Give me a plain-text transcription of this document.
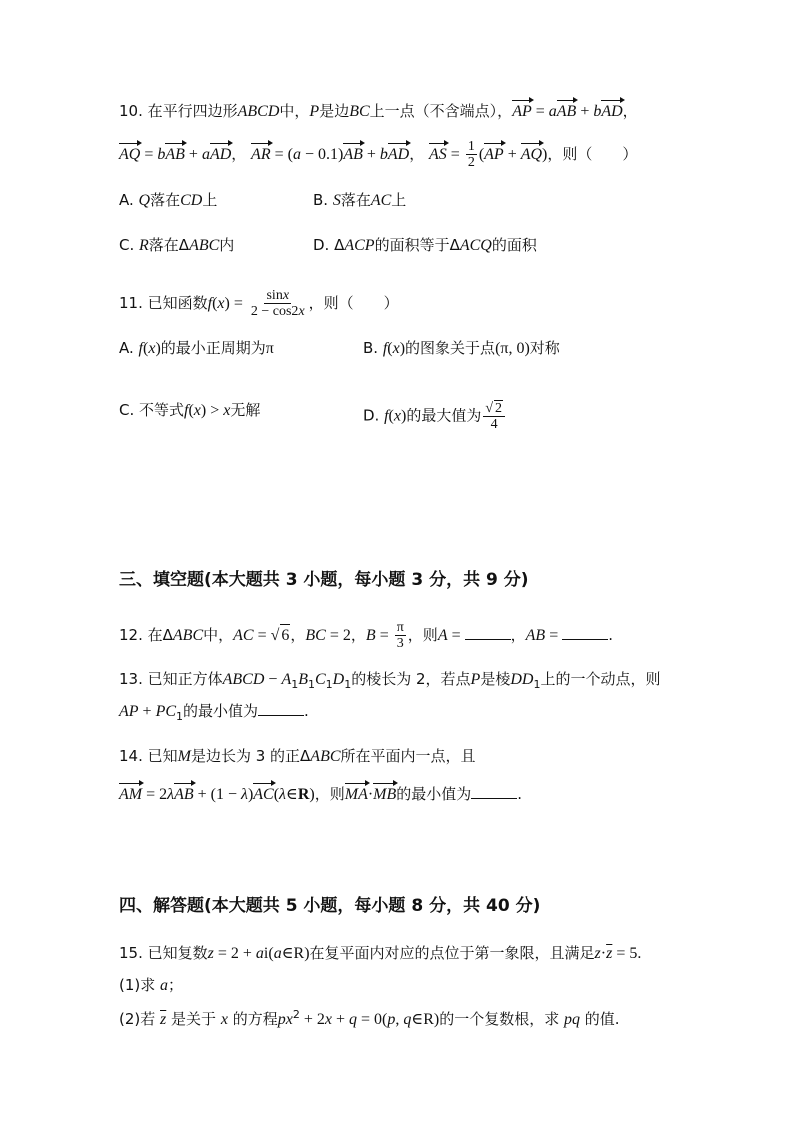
10. 在平行四边形ABCD中，P是边BC上一点（不含端点），AP = aAB + bAD，
AQ = bAB + aAD， AR = (a − 0.1)AB + bAD， AS = $\frac{1}{2} (AP + AQ)$，则（　　）
A. Q落在CD上	B. S落在AC上
C. R落在ΔABC内	D. ΔACP的面积等于ΔACQ的面积
11. 已知函数$f(x) = \frac{\sin x}{2 - \cos 2x}$ ，则（　　）
A. f(x)的最小正周期为π	B. f(x)的图象关于点(π, 0)对称
C. 不等式f(x) > x无解	D. f(x)的最大值为 $\frac{√ 2}{4}$
三、填空题(本大题共 3 小题，每小题 3 分，共 9 分)
12. 在ΔABC中，AC = √ 6，BC = 2，$B = \frac{\pi}{3}$ ，则A =	，AB =	.
13. 已知正方体ABCD − $A_1B_1C_1D_1$的棱长为 2，若点P是棱$DD_1$上的一个动点，则
AP + $PC_1$的最小值为	.
14. 已知M是边长为 3 的正ΔABC所在平面内一点，且
AM = 2λAB + (1 − λ)AC(λ∈R)，则MA·MB的最小值为	.
四、解答题(本大题共 5 小题，每小题 8 分，共 40 分)
15. 已知复数z = 2 + ai(a∈R)在复平面内对应的点位于第一象限，且满足$z\cdot\overline{z} = 5$.
(1)求 a；
(2)若 $\overline{z}$ 是关于 x 的方程$px^2 + 2x + q = 0(p$, q∈R)的一个复数根，求 pq 的值.
